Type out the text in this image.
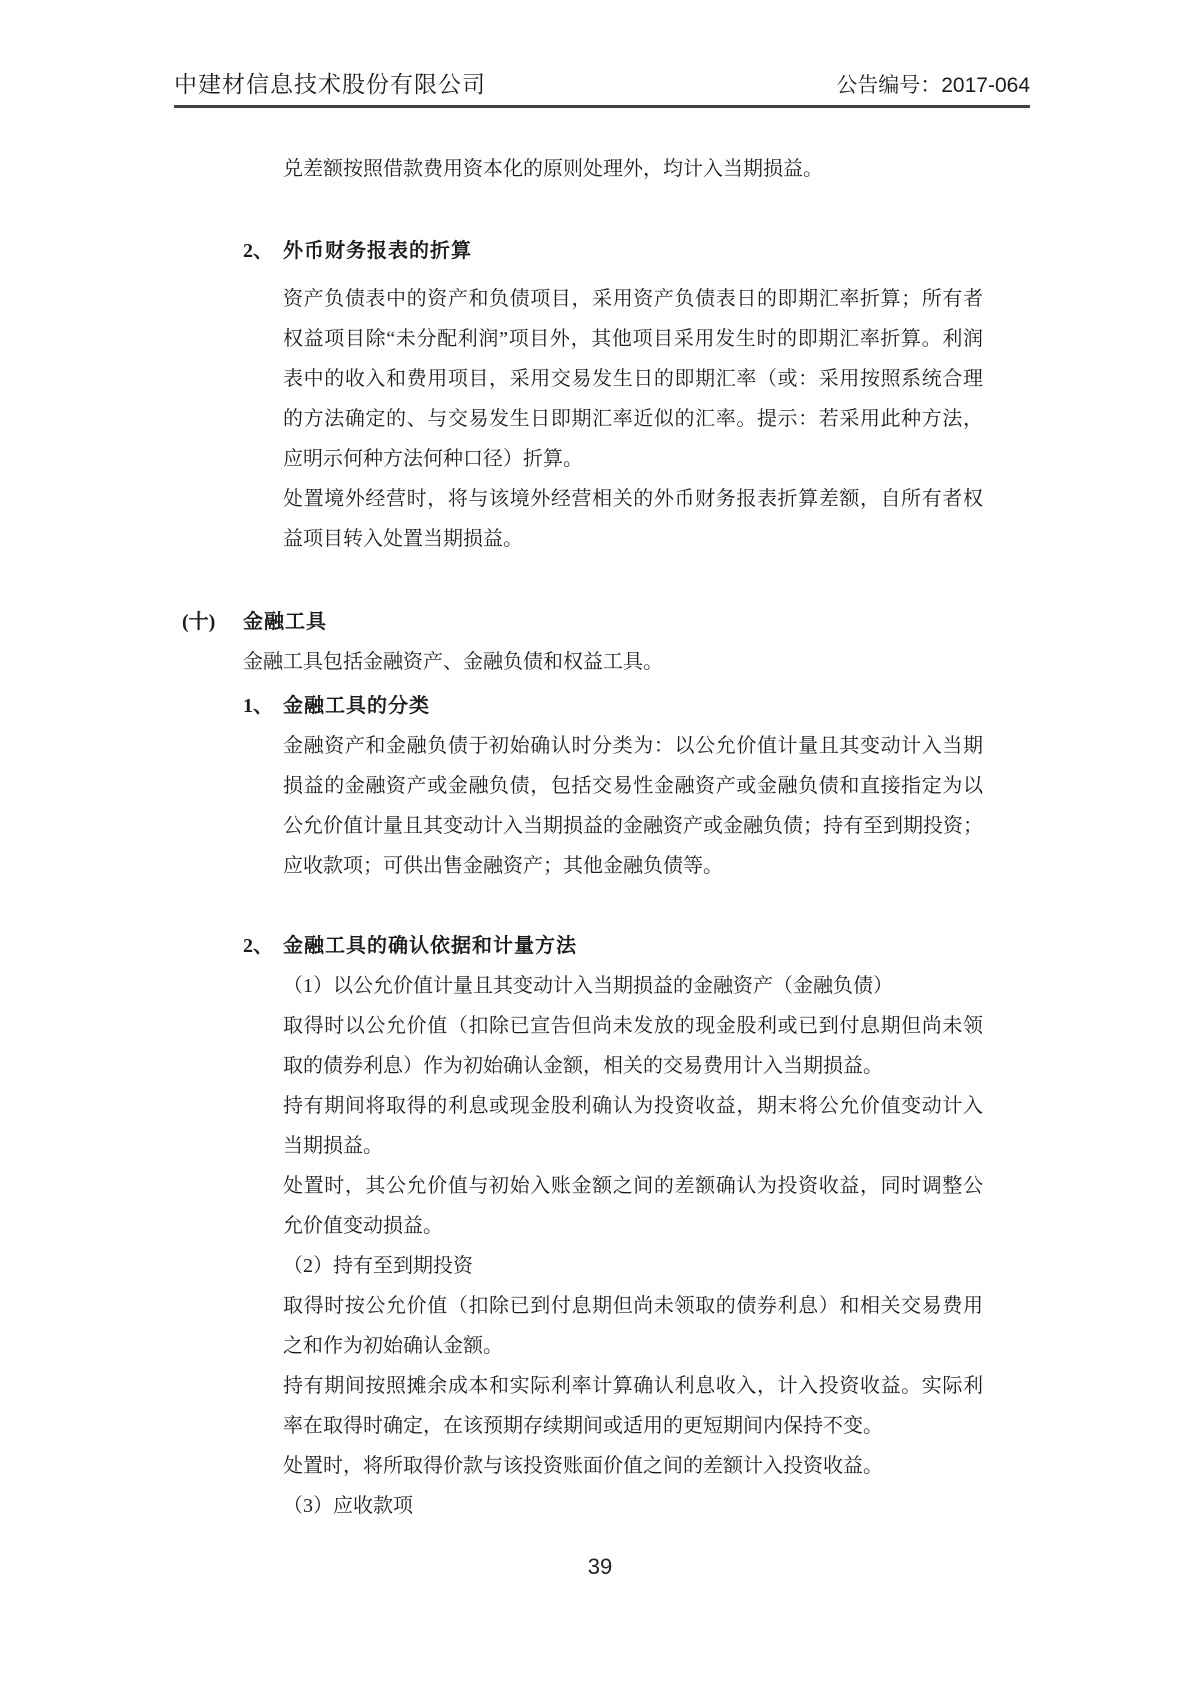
中建材信息技术股份有限公司	公告编号：2017-064
兑差额按照借款费用资本化的原则处理外，均计入当期损益。
2、 外币财务报表的折算
资产负债表中的资产和负债项目，采用资产负债表日的即期汇率折算；所有者
权益项目除“未分配利润”项目外，其他项目采用发生时的即期汇率折算。利润
表中的收入和费用项目，采用交易发生日的即期汇率（或：采用按照系统合理
的方法确定的、与交易发生日即期汇率近似的汇率。提示：若采用此种方法，
应明示何种方法何种口径）折算。
处置境外经营时，将与该境外经营相关的外币财务报表折算差额，自所有者权
益项目转入处置当期损益。
(十)	金融工具
金融工具包括金融资产、金融负债和权益工具。
1、 金融工具的分类
金融资产和金融负债于初始确认时分类为：以公允价值计量且其变动计入当期
损益的金融资产或金融负债，包括交易性金融资产或金融负债和直接指定为以
公允价值计量且其变动计入当期损益的金融资产或金融负债；持有至到期投资；
应收款项；可供出售金融资产；其他金融负债等。
2、 金融工具的确认依据和计量方法
（1）以公允价值计量且其变动计入当期损益的金融资产（金融负债）
取得时以公允价值（扣除已宣告但尚未发放的现金股利或已到付息期但尚未领
取的债券利息）作为初始确认金额，相关的交易费用计入当期损益。
持有期间将取得的利息或现金股利确认为投资收益，期末将公允价值变动计入
当期损益。
处置时，其公允价值与初始入账金额之间的差额确认为投资收益，同时调整公
允价值变动损益。
（2）持有至到期投资
取得时按公允价值（扣除已到付息期但尚未领取的债券利息）和相关交易费用
之和作为初始确认金额。
持有期间按照摊余成本和实际利率计算确认利息收入，计入投资收益。实际利
率在取得时确定，在该预期存续期间或适用的更短期间内保持不变。
处置时，将所取得价款与该投资账面价值之间的差额计入投资收益。
（3）应收款项
39
